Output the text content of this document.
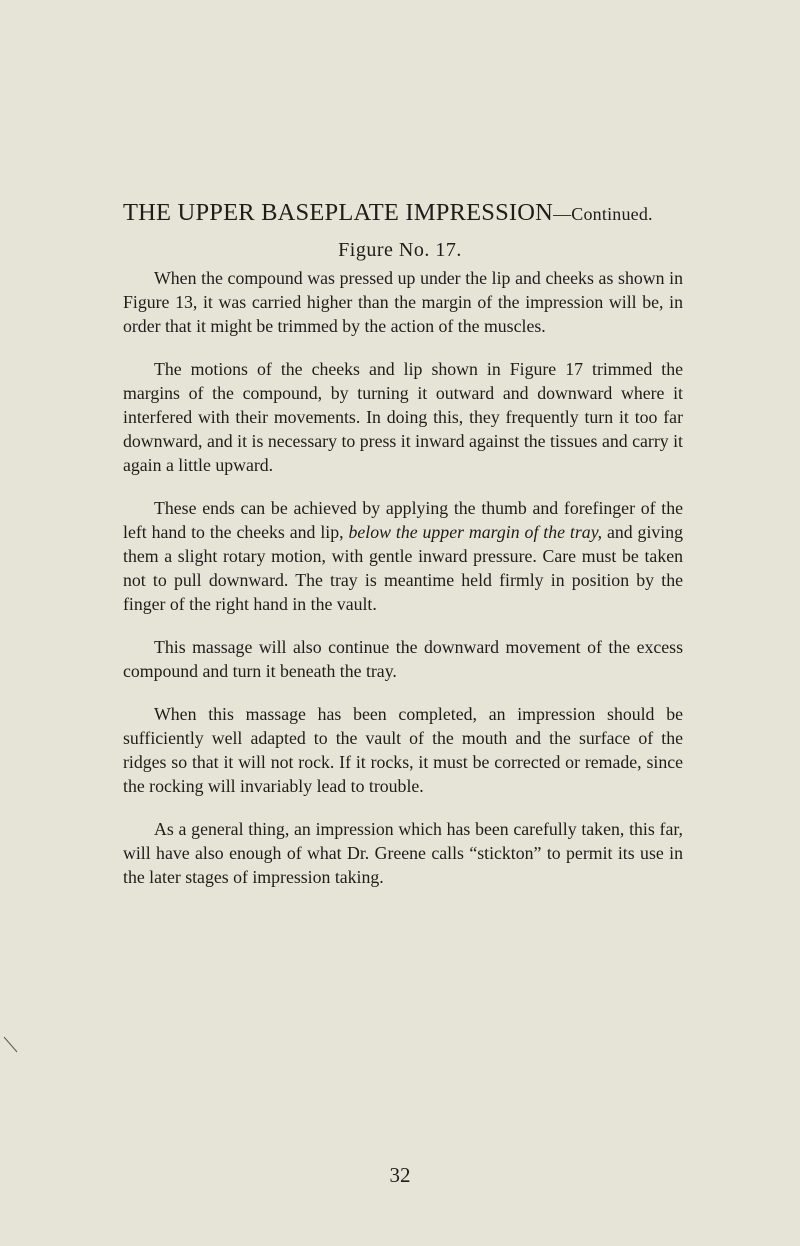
THE UPPER BASEPLATE IMPRESSION—Continued.
Figure No. 17.

When the compound was pressed up under the lip and cheeks as shown in Figure 13, it was carried higher than the margin of the impression will be, in order that it might be trimmed by the action of the muscles.

The motions of the cheeks and lip shown in Figure 17 trimmed the margins of the compound, by turning it outward and downward where it interfered with their movements. In doing this, they frequently turn it too far downward, and it is necessary to press it inward against the tissues and carry it again a little upward.

These ends can be achieved by applying the thumb and forefinger of the left hand to the cheeks and lip, below the upper margin of the tray, and giving them a slight rotary motion, with gentle inward pressure. Care must be taken not to pull downward. The tray is meantime held firmly in position by the finger of the right hand in the vault.

This massage will also continue the downward movement of the excess compound and turn it beneath the tray.

When this massage has been completed, an impression should be sufficiently well adapted to the vault of the mouth and the surface of the ridges so that it will not rock. If it rocks, it must be corrected or remade, since the rocking will invariably lead to trouble.

As a general thing, an impression which has been carefully taken, this far, will have also enough of what Dr. Greene calls “stickton” to permit its use in the later stages of impression taking.

32
